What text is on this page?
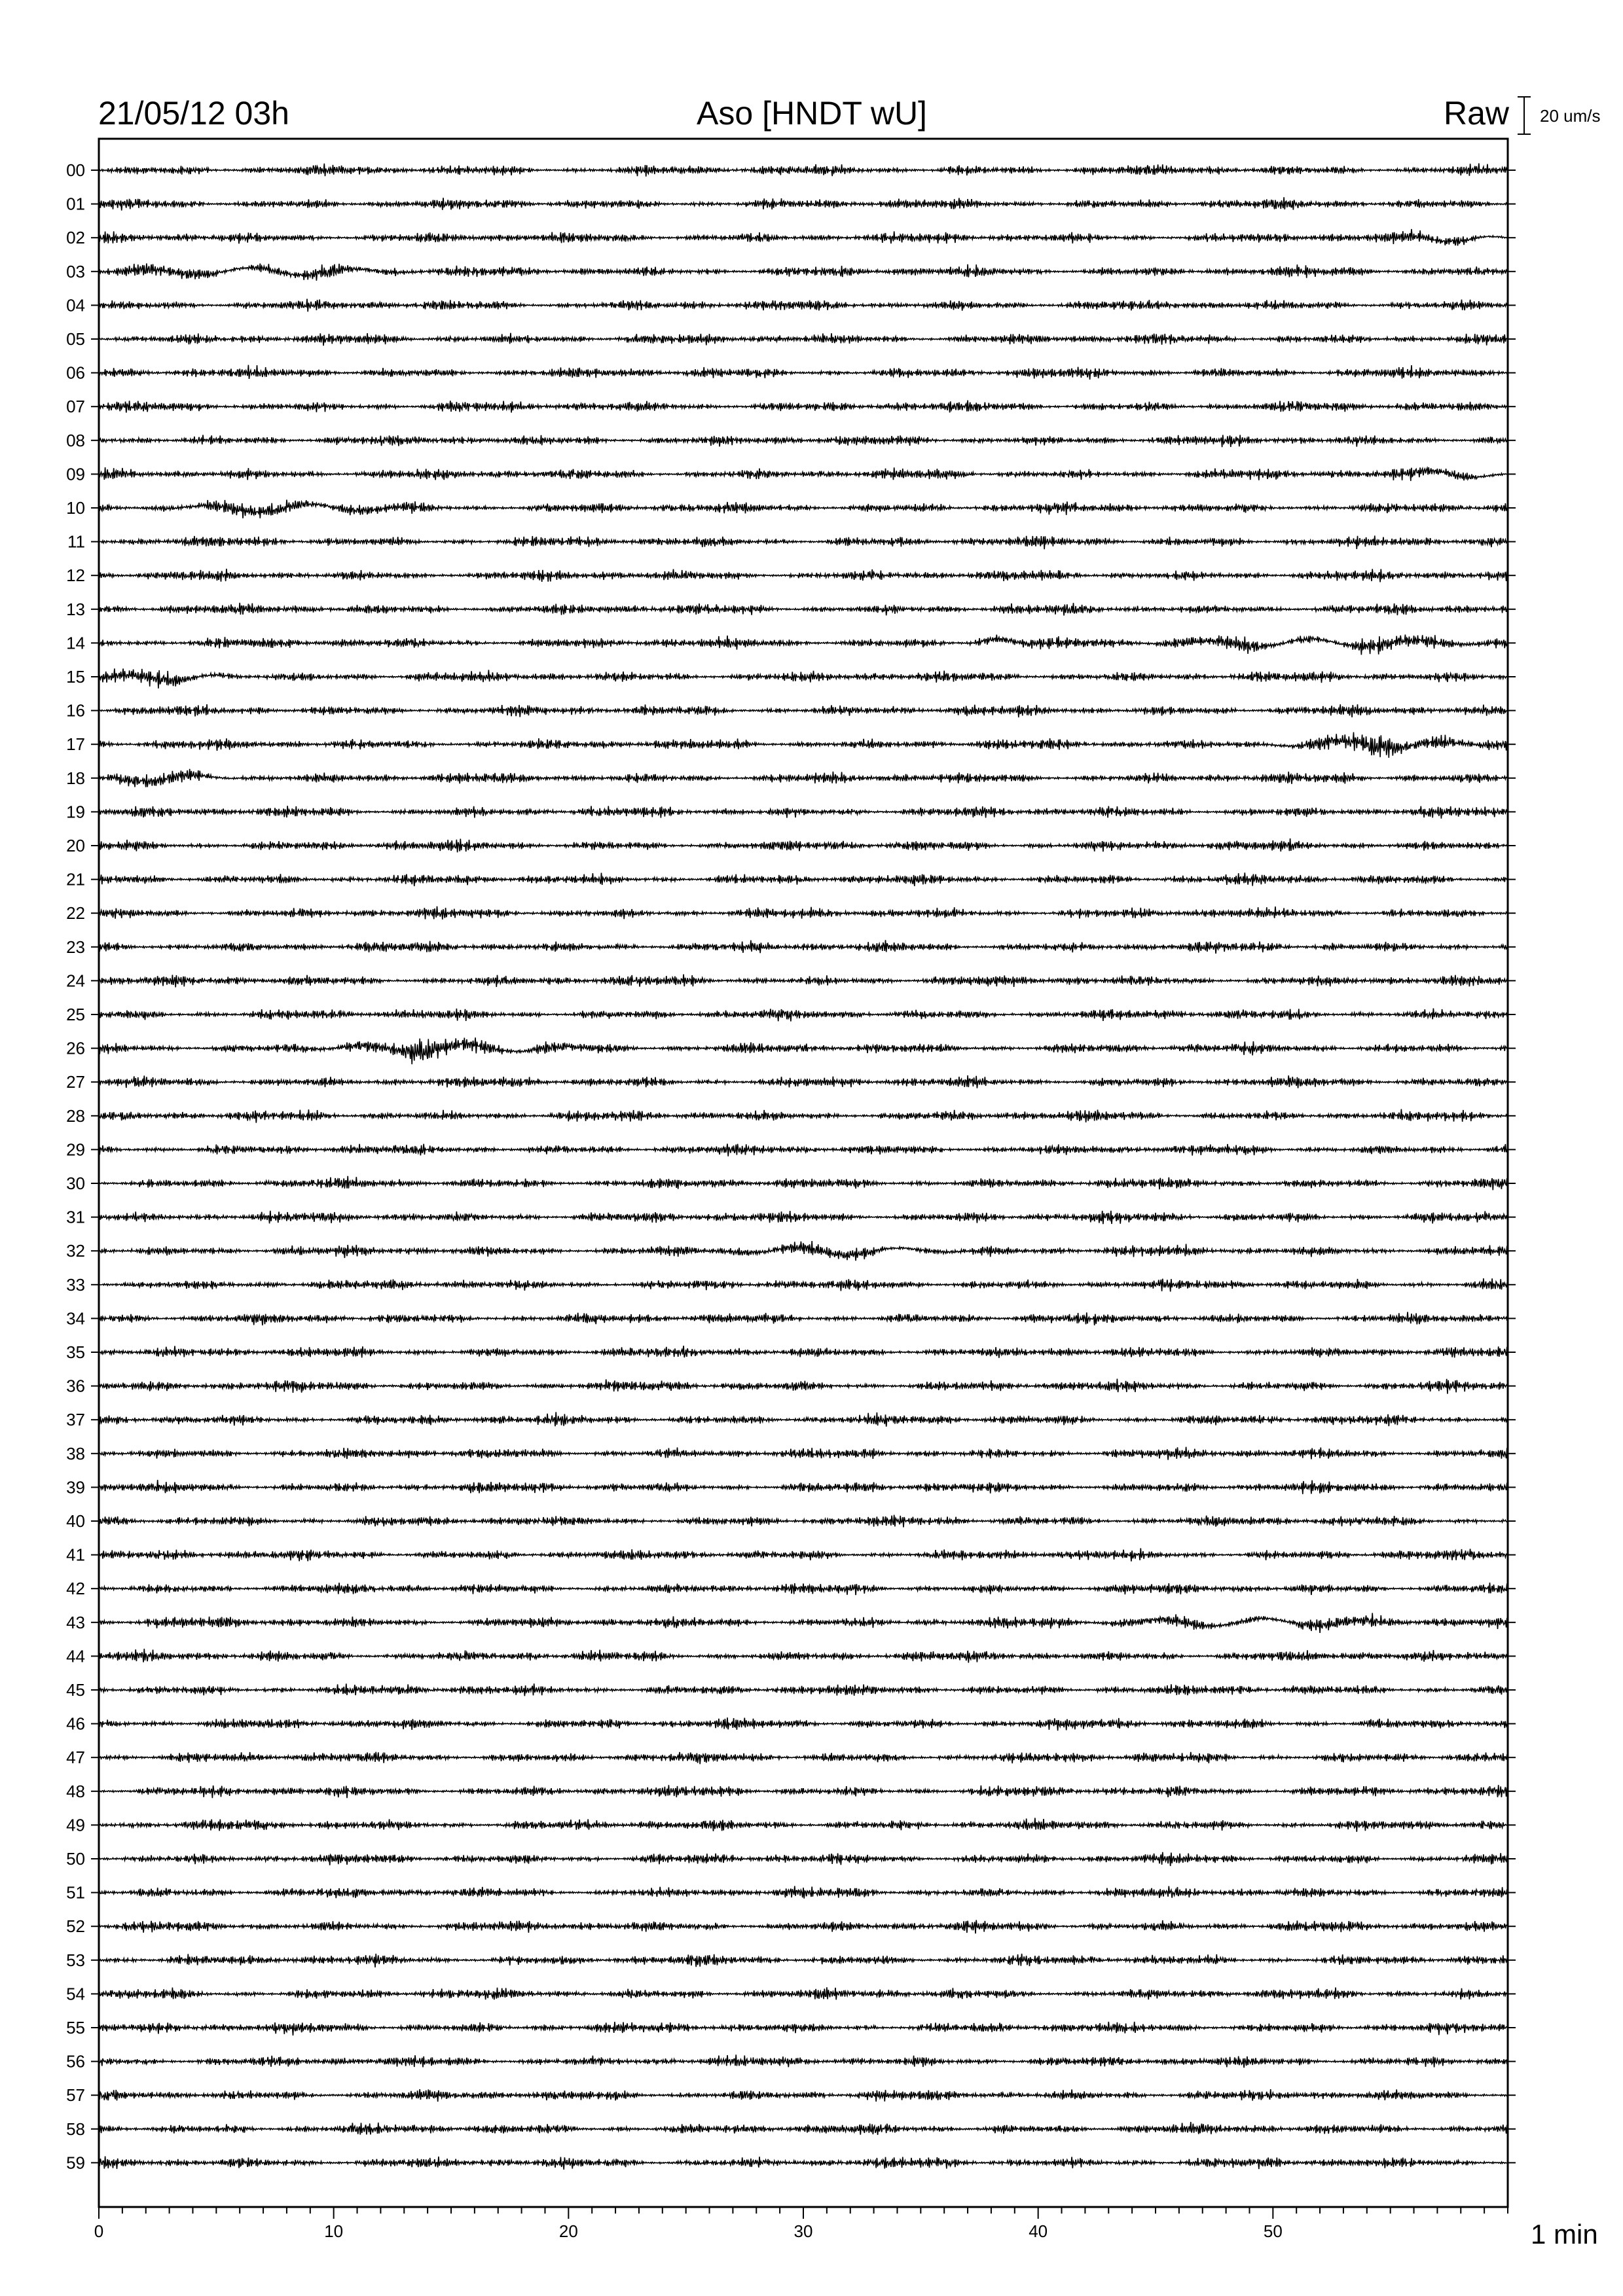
21/05/12 03h	Aso [HNDT wU]	Raw 20 um/s
00
01
02
03
04
05
06
07
08
09
10
11
12
13
14
15
16
17
18
19
20
21
22
23
24
25
26
27
28
29
30
31
32
33
34
35
36
37
38
39
40
41
42
43
44
45
46
47
48
49
50
51
52
53
54
55
56
57
58
59
0	10	20	30	40	50	1 min
